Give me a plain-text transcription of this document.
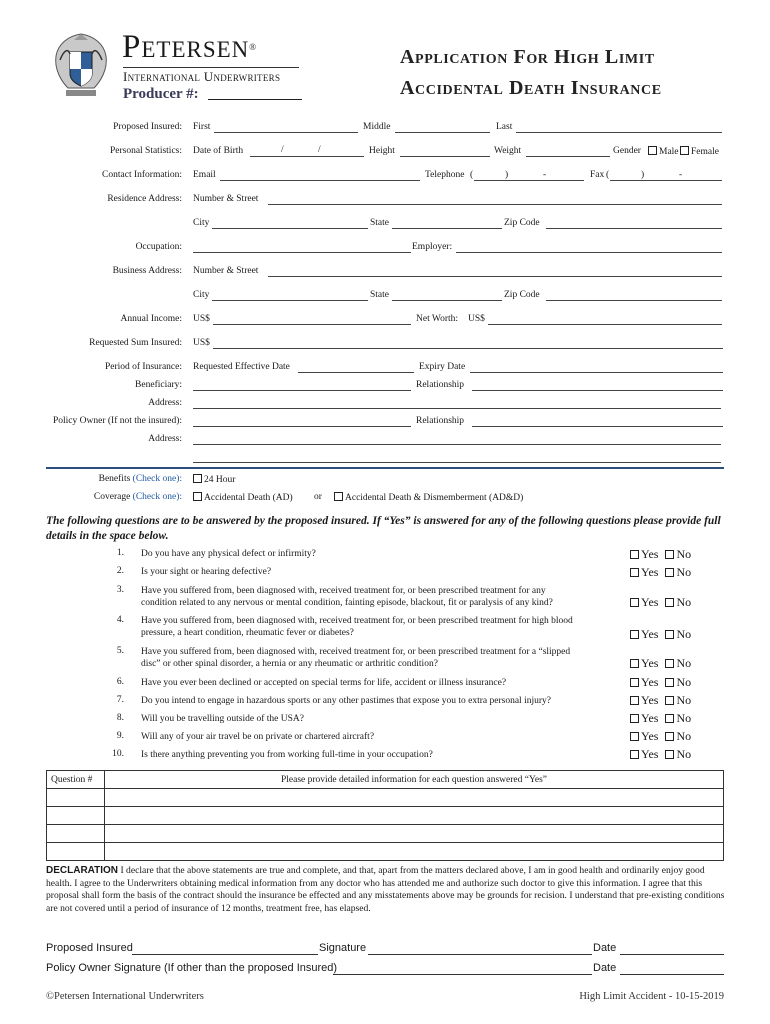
Petersen®
International Underwriters
Producer #:
Application For High Limit
Accidental Death Insurance
Proposed Insured: First	Middle	Last
Personal Statistics: Date of Birth	/	/	Height	Weight	Gender	Male	Female
Contact Information: Email	Telephone (	)	-	Fax (	)	-
Residence Address: Number & Street
City	State	Zip Code
Occupation:	Employer:
Business Address: Number & Street
City	State	Zip Code
Annual Income: US$	Net Worth: US$
Requested Sum Insured: US$
Period of Insurance: Requested Effective Date	Expiry Date
Beneficiary:	Relationship
Address:
Policy Owner (If not the insured):	Relationship
Address:
Benefits (Check one):	24 Hour
Coverage (Check one):	Accidental Death (AD) or	Accidental Death & Dismemberment (AD&D)
The following questions are to be answered by the proposed insured. If “Yes” is answered for any of the following questions please provide full details in the space below.
1. Do you have any physical defect or infirmity?	Yes No
2. Is your sight or hearing defective?	Yes No
3. Have you suffered from, been diagnosed with, received treatment for, or been prescribed treatment for any condition related to any nervous or mental condition, fainting episode, blackout, fit or paralysis of any kind?	Yes No
4. Have you suffered from, been diagnosed with, received treatment for, or been prescribed treatment for high blood pressure, a heart condition, rheumatic fever or diabetes?	Yes No
5. Have you suffered from, been diagnosed with, received treatment for, or been prescribed treatment for a “slipped disc” or other spinal disorder, a hernia or any rheumatic or arthritic condition?	Yes No
6. Have you ever been declined or accepted on special terms for life, accident or illness insurance?	Yes No
7. Do you intend to engage in hazardous sports or any other pastimes that expose you to extra personal injury?	Yes No
8. Will you be travelling outside of the USA?	Yes No
9. Will any of your air travel be on private or chartered aircraft?	Yes No
10. Is there anything preventing you from working full-time in your occupation?	Yes No
Question #	Please provide detailed information for each question answered “Yes”

DECLARATION I declare that the above statements are true and complete, and that, apart from the matters declared above, I am in good health and ordinarily enjoy good health. I agree to the Underwriters obtaining medical information from any doctor who has attended me and authorize such doctor to give this information. I agree that this proposal shall form the basis of the contract should the insurance be effected and any misstatements above may be grounds for recision. I understand that pre-existing conditions are not covered until a period of insurance of 12 months, treatment free, has elapsed.
Proposed Insured	Signature	Date
Policy Owner Signature (If other than the proposed Insured)	Date
©Petersen International Underwriters	High Limit Accident - 10-15-2019
